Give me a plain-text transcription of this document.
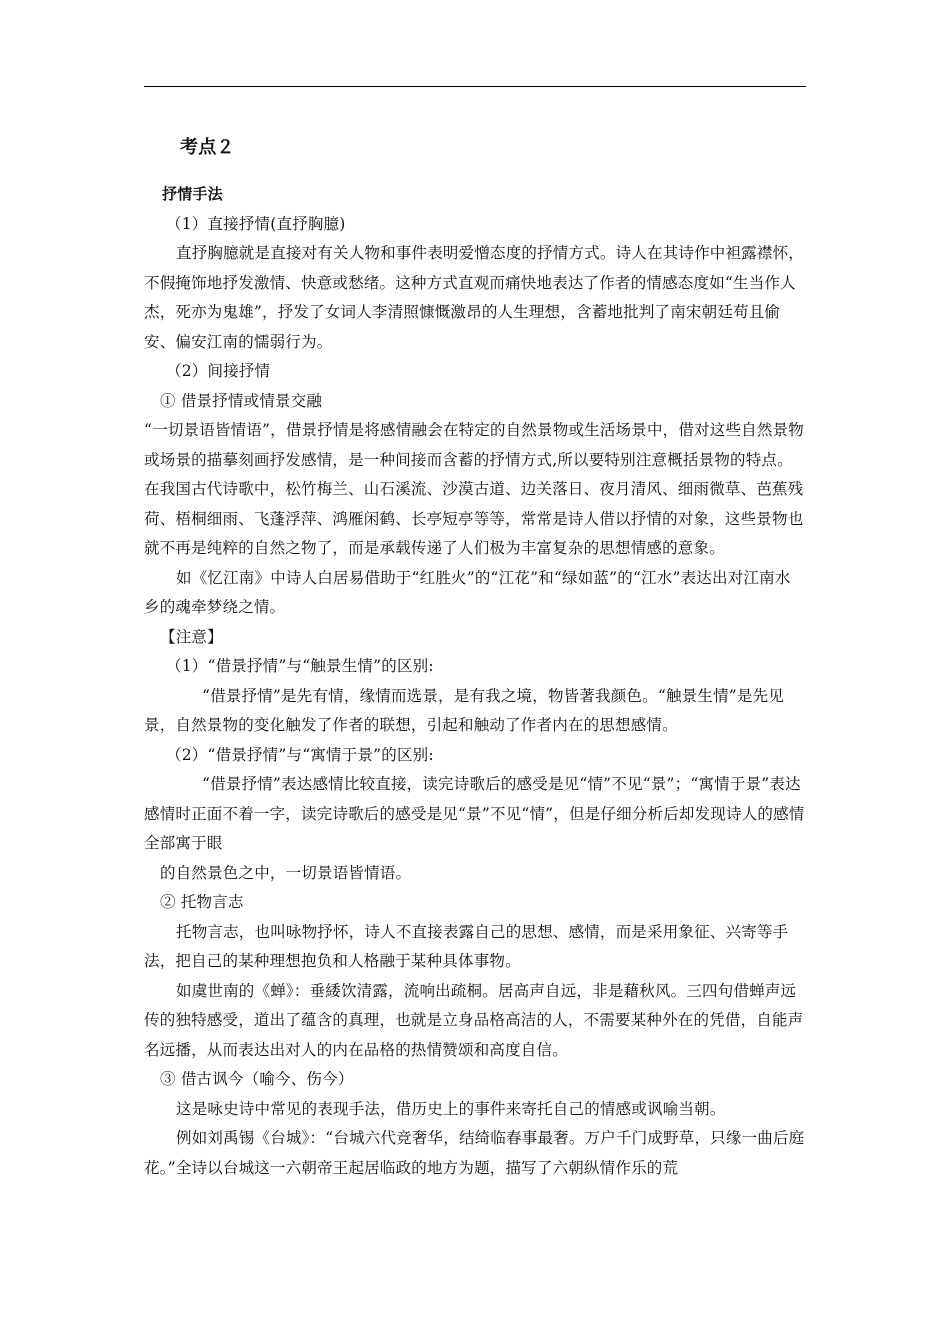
考点２

抒情手法

（1）直接抒情(直抒胸臆)

直抒胸臆就是直接对有关人物和事件表明爱憎态度的抒情方式。诗人在其诗作中袒露襟怀，不假掩饰地抒发激情、快意或愁绪。这种方式直观而痛快地表达了作者的情感态度如“生当作人杰，死亦为鬼雄”，抒发了女词人李清照慷慨激昂的人生理想，含蓄地批判了南宋朝廷苟且偷安、偏安江南的懦弱行为。

（2）间接抒情

① 借景抒情或情景交融

“一切景语皆情语”，借景抒情是将感情融会在特定的自然景物或生活场景中，借对这些自然景物或场景的描摹刻画抒发感情，是一种间接而含蓄的抒情方式,所以要特别注意概括景物的特点。在我国古代诗歌中，松竹梅兰、山石溪流、沙漠古道、边关落日、夜月清风、细雨微草、芭蕉残荷、梧桐细雨、飞蓬浮萍、鸿雁闲鹤、长亭短亭等等，常常是诗人借以抒情的对象，这些景物也就不再是纯粹的自然之物了，而是承载传递了人们极为丰富复杂的思想情感的意象。

如《忆江南》中诗人白居易借助于“红胜火”的“江花”和“绿如蓝”的“江水”表达出对江南水乡的魂牵梦绕之情。

【注意】

（1）“借景抒情”与“触景生情”的区别:

“借景抒情”是先有情，缘情而选景，是有我之境，物皆著我颜色。“触景生情”是先见景，自然景物的变化触发了作者的联想，引起和触动了作者内在的思想感情。

（2）“借景抒情”与“寓情于景”的区别:

“借景抒情”表达感情比较直接，读完诗歌后的感受是见“情”不见“景”；“寓情于景”表达感情时正面不着一字，读完诗歌后的感受是见“景”不见“情”，但是仔细分析后却发现诗人的感情全部寓于眼

的自然景色之中，一切景语皆情语。

② 托物言志

托物言志，也叫咏物抒怀，诗人不直接表露自己的思想、感情，而是采用象征、兴寄等手法，把自己的某种理想抱负和人格融于某种具体事物。

如虞世南的《蝉》：垂緌饮清露，流响出疏桐。居高声自远，非是藉秋风。三四句借蝉声远传的独特感受，道出了蕴含的真理，也就是立身品格高洁的人，不需要某种外在的凭借，自能声名远播，从而表达出对人的内在品格的热情赞颂和高度自信。

③ 借古讽今（喻今、伤今）

这是咏史诗中常见的表现手法，借历史上的事件来寄托自己的情感或讽喻当朝。

例如刘禹锡《台城》：“台城六代竞奢华，结绮临春事最奢。万户千门成野草，只缘一曲后庭花。”全诗以台城这一六朝帝王起居临政的地方为题，描写了六朝纵情作乐的荒
